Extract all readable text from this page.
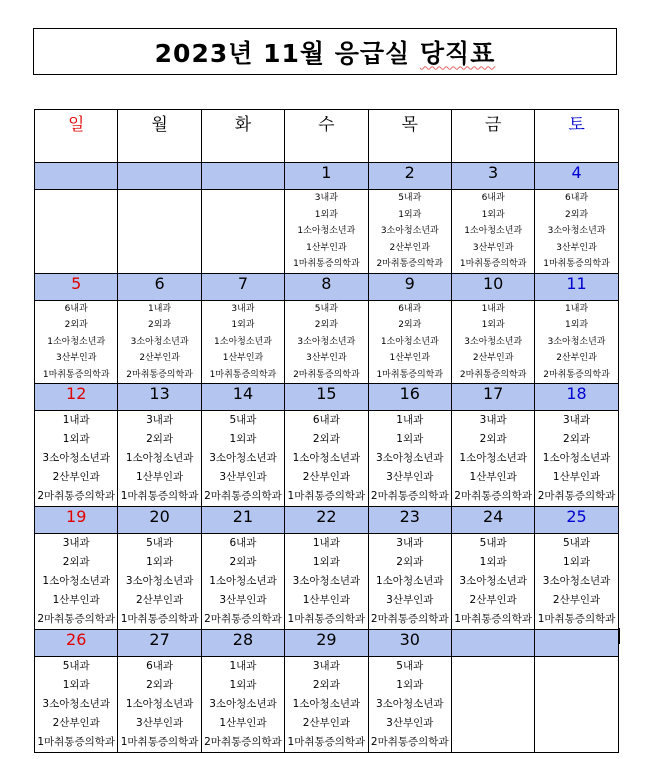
2023년 11월 응급실 당직표
일	월	화	수	목	금	토
			1	2	3	4

			3내과
1외과
1소아청소년과
1산부인과
1마취통증의학과	5내과
1외과
3소아청소년과
2산부인과
2마취통증의학과	6내과
1외과
1소아청소년과
3산부인과
1마취통증의학과	6내과
2외과
3소아청소년과
3산부인과
1마취통증의학과

5	6	7	8	9	10	11

6내과
2외과
1소아청소년과
3산부인과
1마취통증의학과	1내과
2외과
3소아청소년과
2산부인과
2마취통증의학과	3내과
1외과
1소아청소년과
1산부인과
1마취통증의학과	5내과
2외과
3소아청소년과
3산부인과
2마취통증의학과	6내과
2외과
1소아청소년과
1산부인과
1마취통증의학과	1내과
1외과
3소아청소년과
2산부인과
2마취통증의학과	1내과
1외과
3소아청소년과
2산부인과
2마취통증의학과

12	13	14	15	16	17	18

1내과
1외과
3소아청소년과
2산부인과
2마취통증의학과	3내과
2외과
1소아청소년과
1산부인과
1마취통증의학과	5내과
1외과
3소아청소년과
3산부인과
2마취통증의학과	6내과
2외과
1소아청소년과
2산부인과
1마취통증의학과	1내과
1외과
3소아청소년과
3산부인과
2마취통증의학과	3내과
2외과
1소아청소년과
1산부인과
2마취통증의학과	3내과
2외과
1소아청소년과
1산부인과
2마취통증의학과

19	20	21	22	23	24	25

3내과
2외과
1소아청소년과
1산부인과
2마취통증의학과	5내과
1외과
3소아청소년과
2산부인과
1마취통증의학과	6내과
2외과
1소아청소년과
3산부인과
2마취통증의학과	1내과
1외과
3소아청소년과
1산부인과
1마취통증의학과	3내과
2외과
1소아청소년과
3산부인과
2마취통증의학과	5내과
1외과
3소아청소년과
2산부인과
1마취통증의학과	5내과
1외과
3소아청소년과
2산부인과
1마취통증의학과

26	27	28	29	30		

5내과
1외과
3소아청소년과
2산부인과
1마취통증의학과	6내과
2외과
1소아청소년과
3산부인과
1마취통증의학과	1내과
1외과
3소아청소년과
1산부인과
2마취통증의학과	3내과
2외과
1소아청소년과
2산부인과
1마취통증의학과	5내과
1외과
3소아청소년과
3산부인과
2마취통증의학과		
